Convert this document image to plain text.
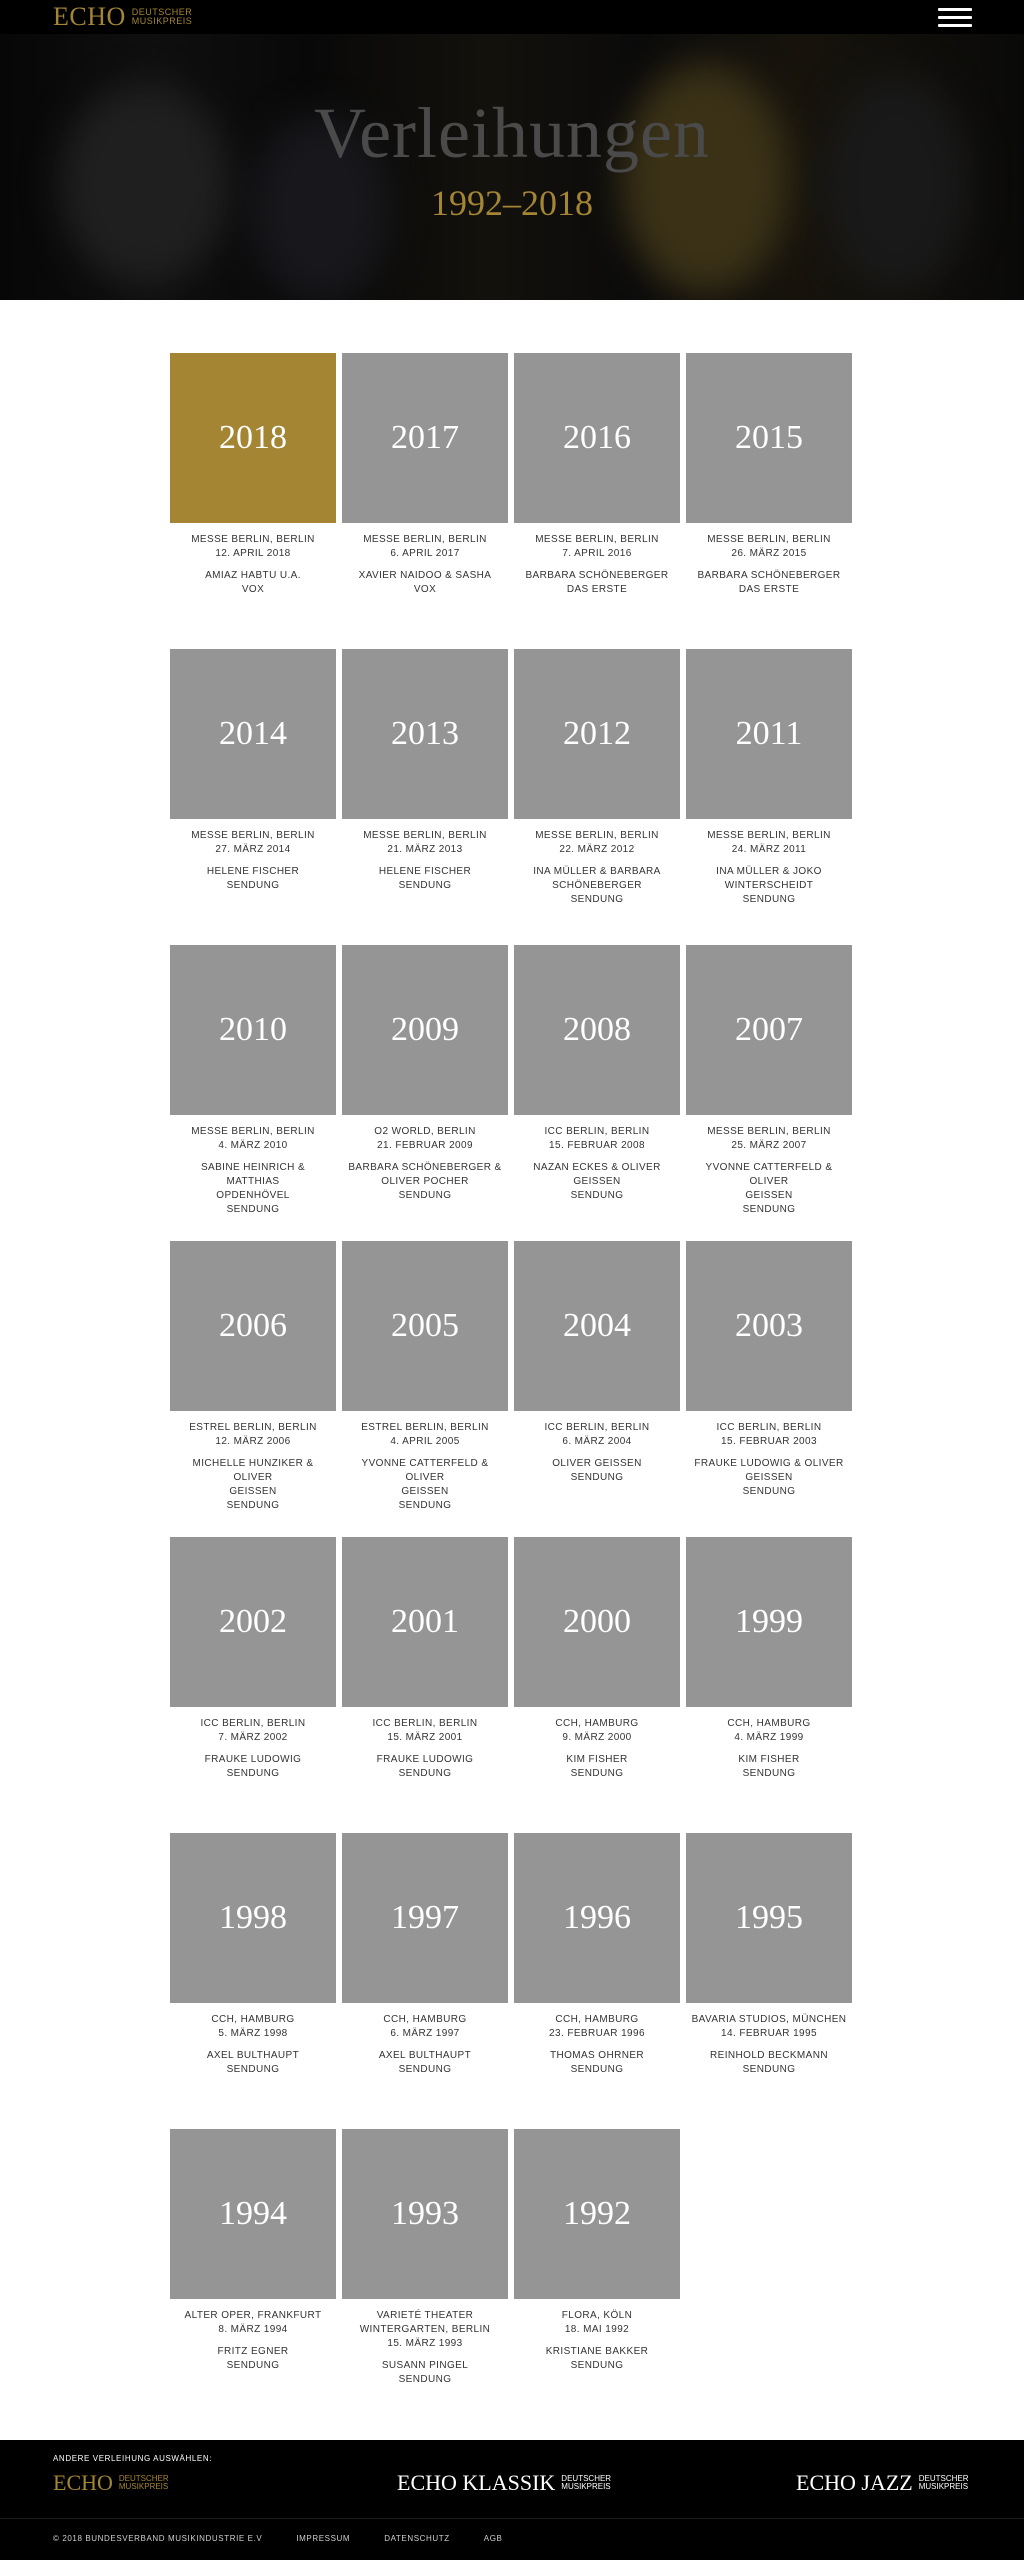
ECHO DEUTSCHER
MUSIKPREIS
Verleihungen
1992–2018
2018
MESSE BERLIN, BERLIN
12. APRIL 2018
AMIAZ HABTU U.A.
VOX
2017
MESSE BERLIN, BERLIN
6. APRIL 2017
XAVIER NAIDOO & SASHA
VOX
2016
MESSE BERLIN, BERLIN
7. APRIL 2016
BARBARA SCHÖNEBERGER
DAS ERSTE
2015
MESSE BERLIN, BERLIN
26. MÄRZ 2015
BARBARA SCHÖNEBERGER
DAS ERSTE
2014
MESSE BERLIN, BERLIN
27. MÄRZ 2014
HELENE FISCHER
SENDUNG
2013
MESSE BERLIN, BERLIN
21. MÄRZ 2013
HELENE FISCHER
SENDUNG
2012
MESSE BERLIN, BERLIN
22. MÄRZ 2012
INA MÜLLER & BARBARA
SCHÖNEBERGER
SENDUNG
2011
MESSE BERLIN, BERLIN
24. MÄRZ 2011
INA MÜLLER & JOKO
WINTERSCHEIDT
SENDUNG
2010
MESSE BERLIN, BERLIN
4. MÄRZ 2010
SABINE HEINRICH & MATTHIAS
OPDENHÖVEL
SENDUNG
2009
O2 WORLD, BERLIN
21. FEBRUAR 2009
BARBARA SCHÖNEBERGER &
OLIVER POCHER
SENDUNG
2008
ICC BERLIN, BERLIN
15. FEBRUAR 2008
NAZAN ECKES & OLIVER GEISSEN
SENDUNG
2007
MESSE BERLIN, BERLIN
25. MÄRZ 2007
YVONNE CATTERFELD & OLIVER
GEISSEN
SENDUNG
2006
ESTREL BERLIN, BERLIN
12. MÄRZ 2006
MICHELLE HUNZIKER & OLIVER
GEISSEN
SENDUNG
2005
ESTREL BERLIN, BERLIN
4. APRIL 2005
YVONNE CATTERFELD & OLIVER
GEISSEN
SENDUNG
2004
ICC BERLIN, BERLIN
6. MÄRZ 2004
OLIVER GEISSEN
SENDUNG
2003
ICC BERLIN, BERLIN
15. FEBRUAR 2003
FRAUKE LUDOWIG & OLIVER
GEISSEN
SENDUNG
2002
ICC BERLIN, BERLIN
7. MÄRZ 2002
FRAUKE LUDOWIG
SENDUNG
2001
ICC BERLIN, BERLIN
15. MÄRZ 2001
FRAUKE LUDOWIG
SENDUNG
2000
CCH, HAMBURG
9. MÄRZ 2000
KIM FISHER
SENDUNG
1999
CCH, HAMBURG
4. MÄRZ 1999
KIM FISHER
SENDUNG
1998
CCH, HAMBURG
5. MÄRZ 1998
AXEL BULTHAUPT
SENDUNG
1997
CCH, HAMBURG
6. MÄRZ 1997
AXEL BULTHAUPT
SENDUNG
1996
CCH, HAMBURG
23. FEBRUAR 1996
THOMAS OHRNER
SENDUNG
1995
BAVARIA STUDIOS, MÜNCHEN
14. FEBRUAR 1995
REINHOLD BECKMANN
SENDUNG
1994
ALTER OPER, FRANKFURT
8. MÄRZ 1994
FRITZ EGNER
SENDUNG
1993
VARIETÉ THEATER WINTERGARTEN, BERLIN
15. MÄRZ 1993
SUSANN PINGEL
SENDUNG
1992
FLORA, KÖLN
18. MAI 1992
KRISTIANE BAKKER
SENDUNG
ANDERE VERLEIHUNG AUSWÄHLEN:
ECHO DEUTSCHER
MUSIKPREIS	ECHO KLASSIK DEUTSCHER
MUSIKPREIS	ECHO JAZZ DEUTSCHER
MUSIKPREIS
© 2018 BUNDESVERBAND MUSIKINDUSTRIE E.V	IMPRESSUM	DATENSCHUTZ	AGB
